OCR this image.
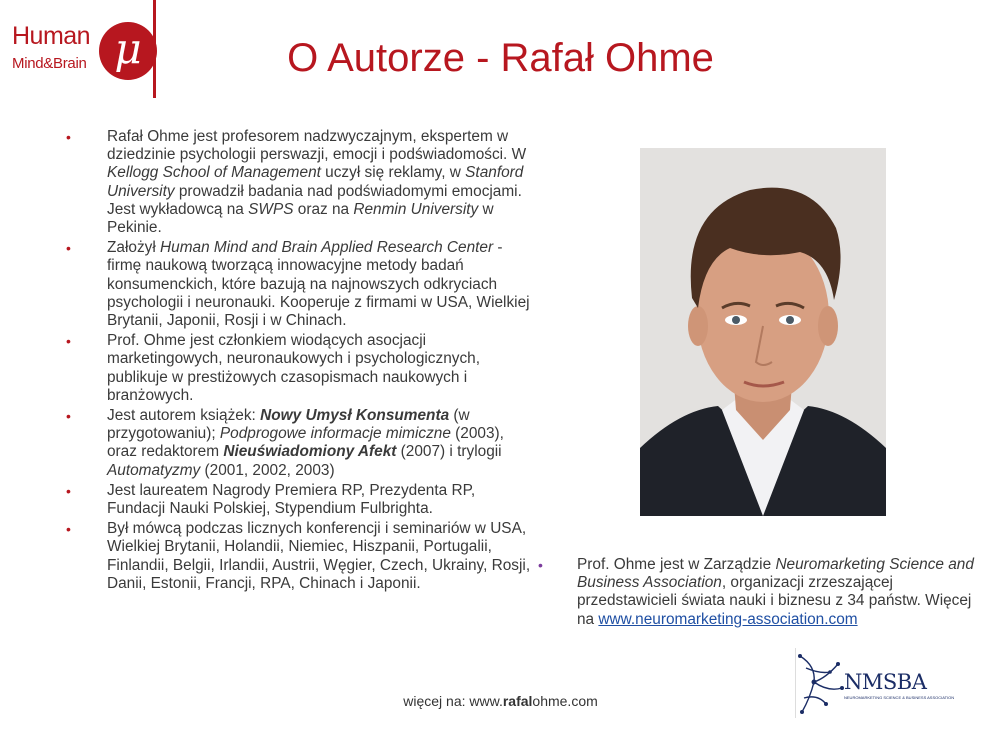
Human
Mind&Brain μ	O Autorze - Rafał Ohme
• Rafał Ohme jest profesorem nadzwyczajnym, ekspertem w dziedzinie psychologii perswazji, emocji i podświadomości. W Kellogg School of Management uczył się reklamy, w Stanford University prowadził badania nad podświadomymi emocjami. Jest wykładowcą na SWPS oraz na Renmin University w Pekinie.
• Założył Human Mind and Brain Applied Research Center - firmę naukową tworzącą innowacyjne metody badań konsumenckich, które bazują na najnowszych odkryciach psychologii i neuronauki. Kooperuje z firmami w USA, Wielkiej Brytanii, Japonii, Rosji i w Chinach.
• Prof. Ohme jest członkiem wiodących asocjacji marketingowych, neuronaukowych i psychologicznych, publikuje w prestiżowych czasopismach naukowych i branżowych.
• Jest autorem książek: Nowy Umysł Konsumenta (w przygotowaniu); Podprogowe informacje mimiczne (2003), oraz redaktorem Nieuświadomiony Afekt (2007) i trylogii Automatyzmy (2001, 2002, 2003)
• Jest laureatem Nagrody Premiera RP, Prezydenta RP, Fundacji Nauki Polskiej, Stypendium Fulbrighta.
• Był mówcą podczas licznych konferencji i seminariów w USA, Wielkiej Brytanii, Holandii, Niemiec, Hiszpanii, Portugalii, Finlandii, Belgii, Irlandii, Austrii, Węgier, Czech, Ukrainy, Rosji, Danii, Estonii, Francji, RPA, Chinach i Japonii.
• Prof. Ohme jest w Zarządzie Neuromarketing Science and Business Association, organizacji zrzeszającej przedstawicieli świata nauki i biznesu z 34 państw. Więcej na www.neuromarketing-association.com
więcej na: www.rafalohme.com
NMSBA
NEUROMARKETING SCIENCE & BUSINESS ASSOCIATION
